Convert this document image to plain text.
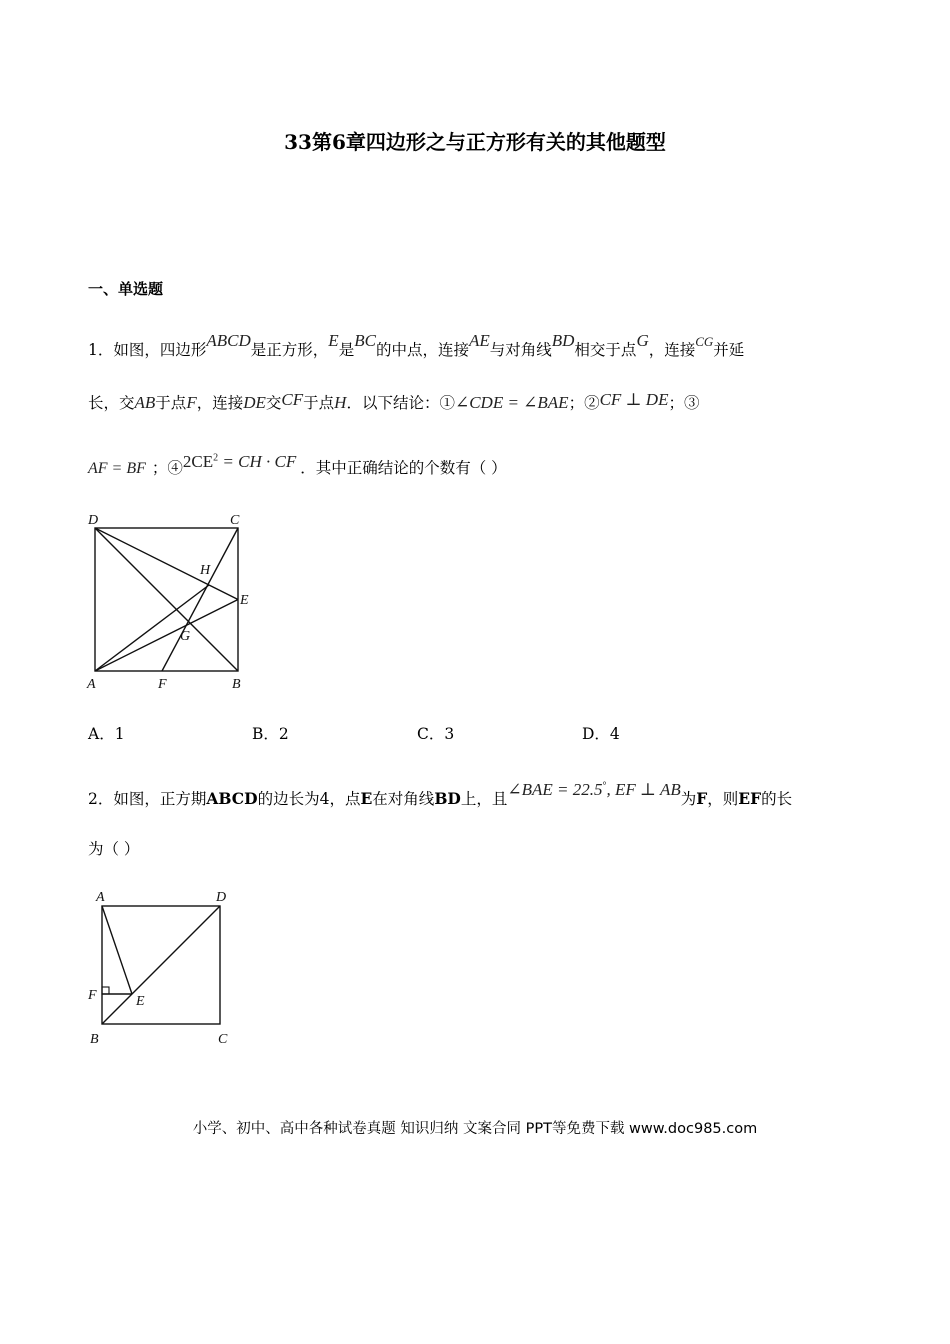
33第6章四边形之与正方形有关的其他题型
一、单选题
1．如图，四边形ABCD是正方形，E是BC的中点，连接AE与对角线BD相交于点G，连接$^{CG}$并延
长，交AB于点F，连接DE交CF于点H．以下结论：①∠CDE = ∠BAE；②CF ⊥ DE；③
AF = BF ；$④2CE^2$ = CH · CF ．其中正确结论的个数有（ ）
D	C
H
E
G
A	F	B
A．1	B．2	C．3	D．4
2．如图，正方期ABCD的边长为4，点E在对角线BD上，且∠BAE = 22.5°, EF ⊥ AB为F，则EF的长
为（ ）
A	D
F	E
B	C
小学、初中、高中各种试卷真题 知识归纳 文案合同 PPT等免费下载 www.doc985.com
